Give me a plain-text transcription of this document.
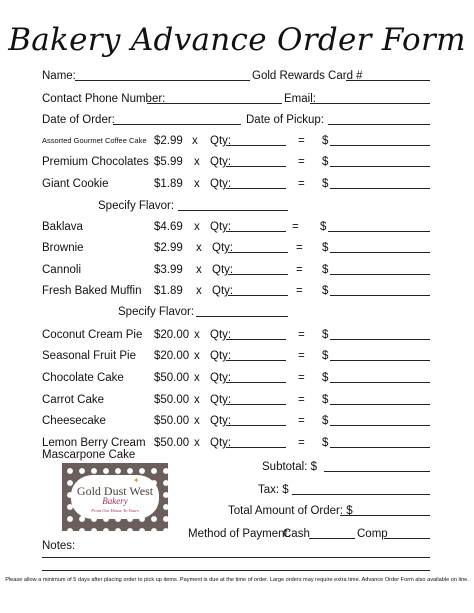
Bakery Advance Order Form
Name:	Gold Rewards Card #
Contact Phone Number:	Email:
Date of Order:	Date of Pickup:
Assorted Gourmet Coffee Cake $2.99 x Qty:	= $
Premium Chocolates $5.99 x Qty:	= $
Giant Cookie	$1.89 x Qty:	= $
Baklava	$4.69 x Qty:	= $
Brownie	$2.99 x Qty:	= $
Cannoli	$3.99 x Qty:	= $
Fresh Baked Muffin $1.89 x Qty:	= $
Coconut Cream Pie $20.00 x Qty:	= $
Seasonal Fruit Pie $20.00 x Qty:	= $
Chocolate Cake	$50.00 x Qty:	= $
Carrot Cake	$50.00 x Qty:	= $
Cheesecake	$50.00 x Qty:	= $
Lemon Berry Cream
Mascarpone Cake
$50.00 x Qty:	= $
Specify Flavor:
Specify Flavor:
✦
Gold Dust West
Bakery
From Our House To Yours
Subtotal: $
Tax: $
Total Amount of Order: $
Method of Payment:
Cash	Comp
Notes:
Please allow a minimum of 5 days after placing order to pick up items. Payment is due at the time of order. Large orders may require extra time. Advance Order Form also available on line.
